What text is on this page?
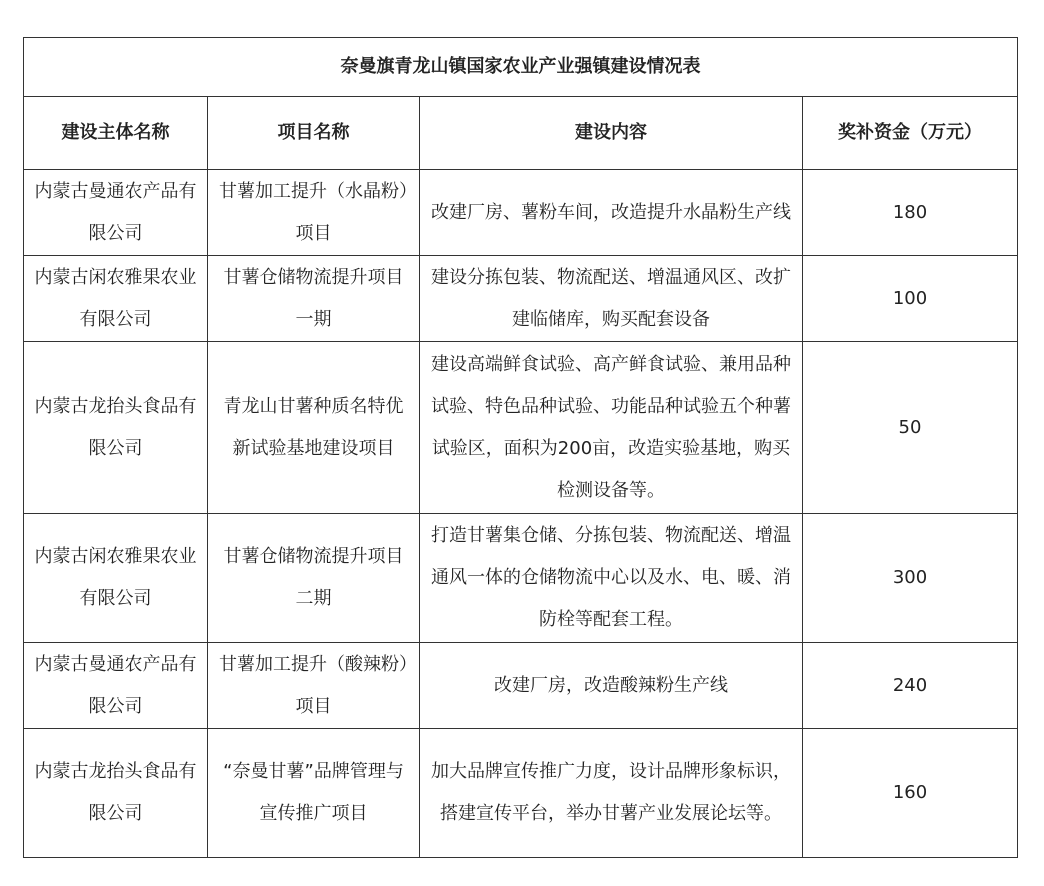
奈曼旗青龙山镇国家农业产业强镇建设情况表			
建设主体名称	项目名称	建设内容	奖补资金（万元）
内蒙古曼通农产品有限公司	甘薯加工提升（水晶粉）项目	改建厂房、薯粉车间，改造提升水晶粉生产线	180
内蒙古闲农雅果农业有限公司	甘薯仓储物流提升项目一期	建设分拣包装、物流配送、增温通风区、改扩建临储库，购买配套设备	100
内蒙古龙抬头食品有限公司	青龙山甘薯种质名特优新试验基地建设项目	建设高端鲜食试验、高产鲜食试验、兼用品种试验、特色品种试验、功能品种试验五个种薯试验区，面积为200亩，改造实验基地，购买检测设备等。	50
内蒙古闲农雅果农业有限公司	甘薯仓储物流提升项目二期	打造甘薯集仓储、分拣包装、物流配送、增温通风一体的仓储物流中心以及水、电、暖、消防栓等配套工程。	300
内蒙古曼通农产品有限公司	甘薯加工提升（酸辣粉）项目	改建厂房，改造酸辣粉生产线	240
内蒙古龙抬头食品有限公司	“奈曼甘薯”品牌管理与宣传推广项目	加大品牌宣传推广力度，设计品牌形象标识，搭建宣传平台，举办甘薯产业发展论坛等。	160
